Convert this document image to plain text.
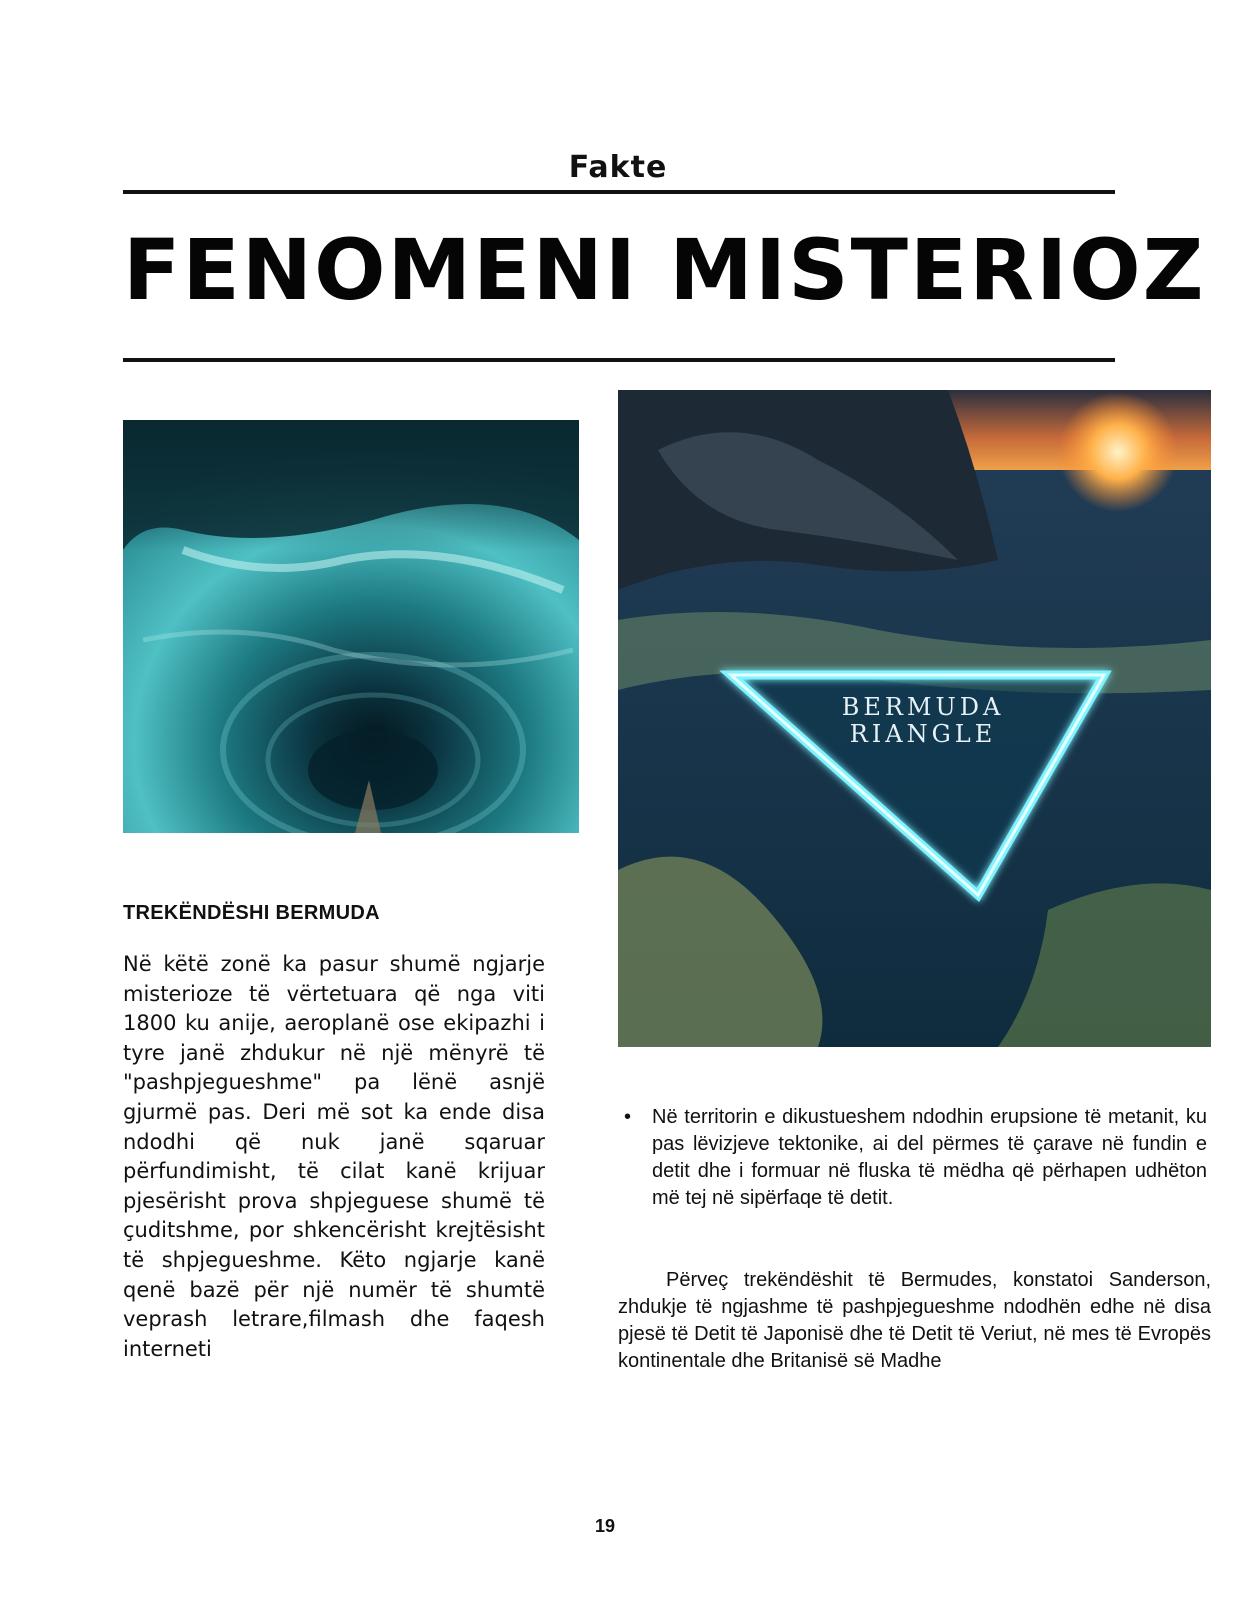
Fakte
FENOMENI MISTERIOZ
BERMUDA
RIANGLE
TREKËNDËSHI BERMUDA

Në këtë zonë ka pasur shumë ngjarje misterioze të vërtetuara që nga viti 1800 ku anije, aeroplanë ose ekipazhi i tyre janë zhdukur në një mënyrë të "pashpjegueshme" pa lënë asnjë gjurmë pas. Deri më sot ka ende disa ndodhi që nuk janë sqaruar përfundimisht, të cilat kanë krijuar pjesërisht prova shpjeguese shumë të çuditshme, por shkencërisht krejtësisht të shpjegueshme. Këto ngjarje kanë qenë bazë për një numër të shumtë veprash letrare,filmash dhe faqesh interneti

• Në territorin e dikustueshem ndodhin erupsione të metanit, ku pas lëvizjeve tektonike, ai del përmes të çarave në fundin e detit dhe i formuar në fluska të mëdha që përhapen udhëton më tej në sipërfaqe të detit.

Përveç trekëndëshit të Bermudes, konstatoi Sanderson, zhdukje të ngjashme të pashpjegueshme ndodhën edhe në disa pjesë të Detit të Japonisë dhe të Detit të Veriut, në mes të Evropës kontinentale dhe Britanisë së Madhe

19
